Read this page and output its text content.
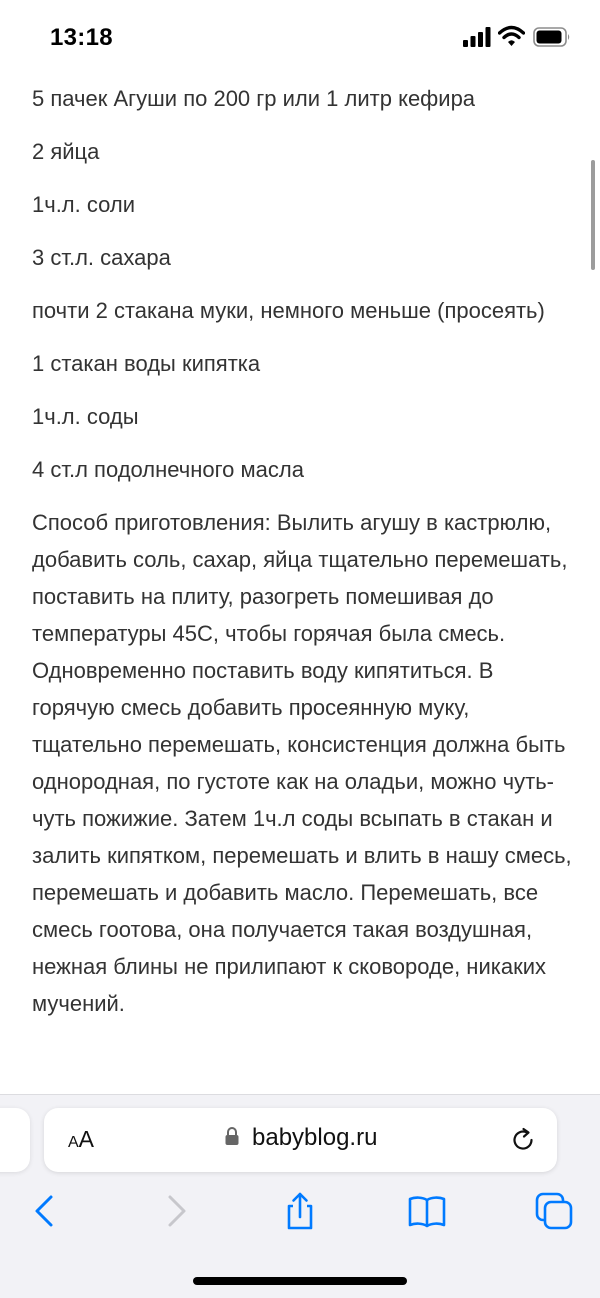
13:18

5 пачек Агуши по 200 гр или 1 литр кефира

2 яйца

1ч.л. соли

3 ст.л. сахара

почти 2 стакана муки, немного меньше (просеять)

1 стакан воды кипятка

1ч.л. соды

4 ст.л подолнечного масла

Способ приготовления: Вылить агушу в кастрюлю, добавить соль, сахар, яйца тщательно перемешать, поставить на плиту, разогреть помешивая до температуры 45С, чтобы горячая была смесь. Одновременно поставить воду кипятиться. В горячую смесь добавить просеянную муку, тщательно перемешать, консистенция должна быть однородная, по густоте как на оладьи, можно чуть-чуть пожижие. Затем 1ч.л соды всыпать в стакан и залить кипятком, перемешать и влить в нашу смесь, перемешать и добавить масло. Перемешать, все смесь гоотова, она получается такая воздушная, нежная блины не прилипают к сковороде, никаких мучений.

A A	babyblog.ru
